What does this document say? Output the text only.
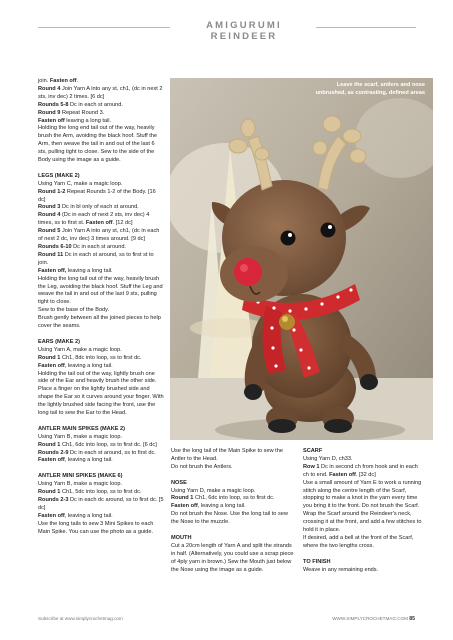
AMIGURUMI REINDEER

join. Fasten off.

Round 4 Join Yarn A into any st, ch1, (dc in next 2 sts, inv dec) 2 times. [6 dc]

Rounds 5-8 Dc in each st around.

Round 9 Repeat Round 3.

Fasten off leaving a long tail.

Holding the long end tail out of the way, heavily brush the Arm, avoiding the black hoof. Stuff the Arm, then weave the tail in and out of the last 6 sts, pulling tight to close. Sew to the side of the Body using the image as a guide.

LEGS (MAKE 2)

Using Yarn C, make a magic loop.

Round 1-2 Repeat Rounds 1-2 of the Body. [16 dc]

Round 3 Dc in bl only of each st around.

Round 4 (Dc in each of next 2 sts, inv dec) 4 times, ss to first st. Fasten off. [12 dc]

Round 5 Join Yarn A into any st, ch1, (dc in each of next 2 dc, inv dec) 3 times around. [9 dc]

Rounds 6-10 Dc in each st around.

Round 11 Dc in each st around, ss to first st to join.

Fasten off, leaving a long tail.

Holding the long tail out of the way, heavily brush the Leg, avoiding the black hoof. Stuff the Leg and weave the tail in and out of the last 9 sts, pulling tight to close.

Sew to the base of the Body.

Brush gently between all the joined pieces to help cover the seams.

EARS (MAKE 2)

Using Yarn A, make a magic loop.

Round 1 Ch1, 8dc into loop, ss to first dc.

Fasten off, leaving a long tail.

Holding the tail out of the way, lightly brush one side of the Ear and heavily brush the other side.

Place a finger on the lightly brushed side and shape the Ear so it curves around your finger. With the lightly brushed side facing the front, use the long tail to sew the Ear to the Head.

ANTLER MAIN SPIKES (MAKE 2)

Using Yarn B, make a magic loop.

Round 1 Ch1, 6dc into loop, ss to first dc. [6 dc]

Rounds 2-9 Dc in each st around, ss to first dc.

Fasten off, leaving a long tail.

ANTLER MINI SPIKES (MAKE 6)

Using Yarn B, make a magic loop.

Round 1 Ch1, 5dc into loop, ss to first dc.

Rounds 2-3 Dc in each dc around, ss to first dc. [5 dc]

Fasten off, leaving a long tail.

Use the long tails to sew 3 Mini Spikes to each Main Spike. You can use the photo as a guide.

Leave the scarf, antlers and nose unbrushed, as contrasting, defined areas

Use the long tail of the Main Spike to sew the Antler to the Head.

Do not brush the Antlers.

NOSE

Using Yarn D, make a magic loop.

Round 1 Ch1, 6dc into loop, ss to first dc.

Fasten off, leaving a long tail.

Do not brush the Nose. Use the long tail to sew the Nose to the muzzle.

MOUTH

Cut a 20cm length of Yarn A and split the strands in half. (Alternatively, you could use a scrap piece of 4ply yarn in brown.) Sew the Mouth just below the Nose using the image as a guide.

SCARF

Using Yarn D, ch33.

Row 1 Dc in second ch from hook and in each ch to end. Fasten off. [32 dc]

Use a small amount of Yarn E to work a running stitch along the centre length of the Scarf, stopping to make a knot in the yarn every time you bring it to the front. Do not brush the Scarf.

Wrap the Scarf around the Reindeer's neck, crossing it at the front, and add a few stitches to hold it in place.

If desired, add a bell at the front of the Scarf, where the two lengths cross.

TO FINISH

Weave in any remaining ends.

Subscribe at www.simplycrochetmag.com	WWW.SIMPLYCROCHETMAG.COM 85
